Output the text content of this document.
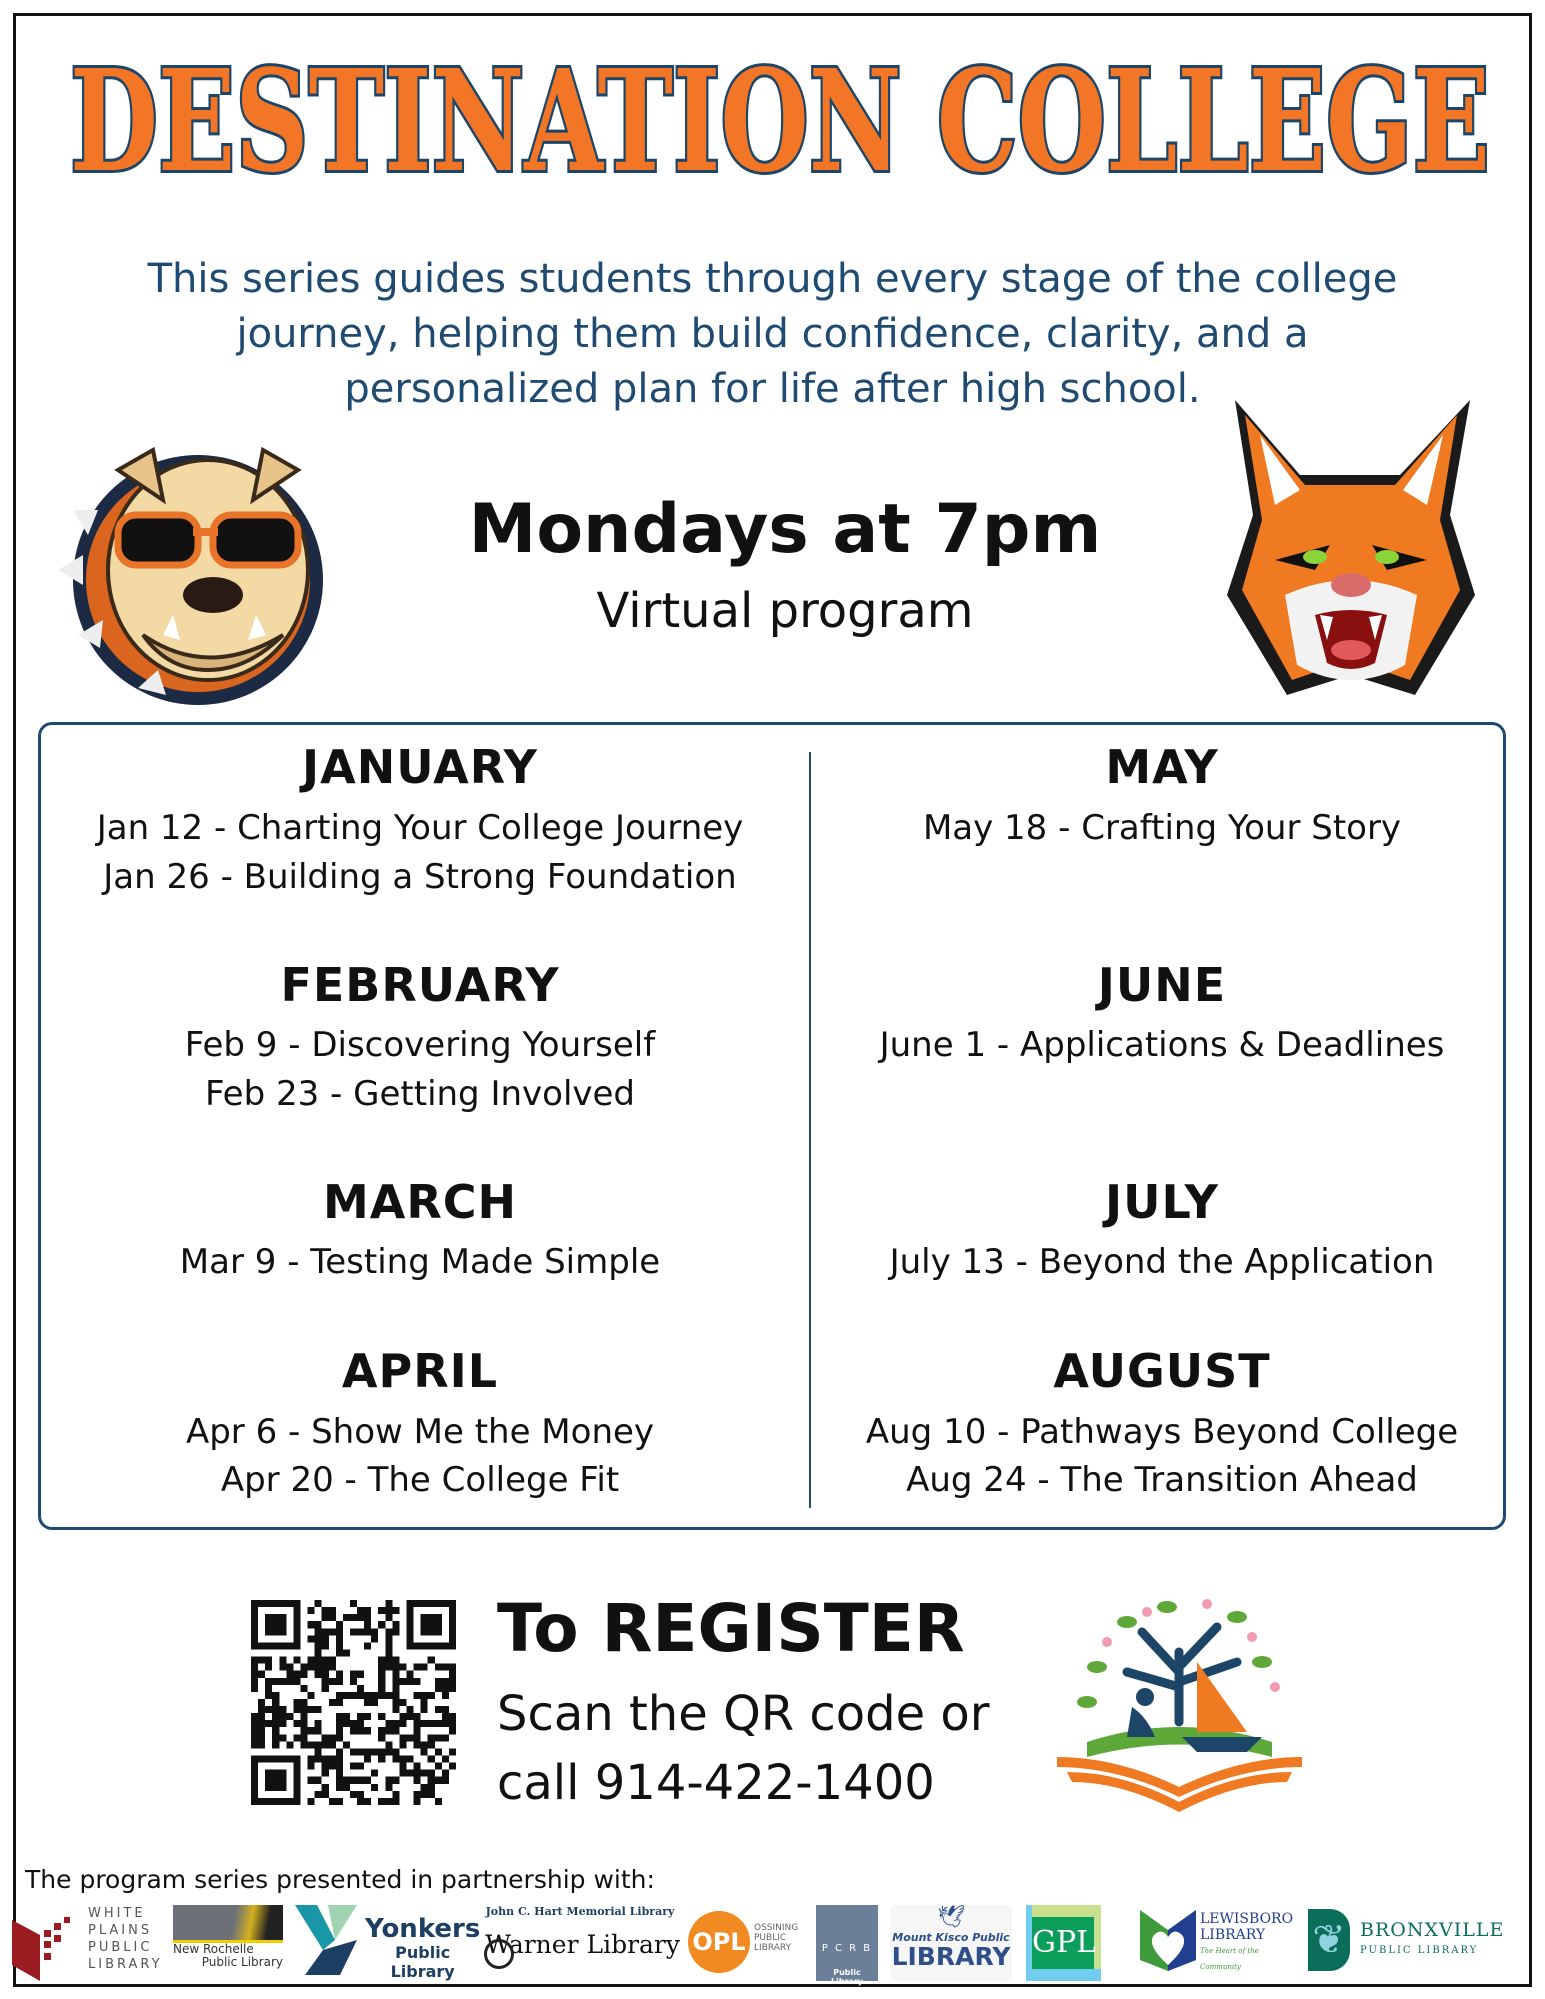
DESTINATION COLLEGE
This series guides students through every stage of the college
journey, helping them build confidence, clarity, and a
personalized plan for life after high school.
Mondays at 7pm
Virtual program
JANUARY
Jan 12 - Charting Your College Journey
Jan 26 - Building a Strong Foundation
FEBRUARY
Feb 9 - Discovering Yourself
Feb 23 - Getting Involved
MARCH
Mar 9 - Testing Made Simple
APRIL
Apr 6 - Show Me the Money
Apr 20 - The College Fit
MAY
May 18 - Crafting Your Story
JUNE
June 1 - Applications & Deadlines
JULY
July 13 - Beyond the Application
AUGUST
Aug 10 - Pathways Beyond College
Aug 24 - The Transition Ahead
To REGISTER
Scan the QR code or
call 914-422-1400
The program series presented in partnership with:
WHITE
PLAINS
PUBLIC
LIBRARY
New Rochelle
Public Library
Yonkers
Public Library
John C. Hart Memorial Library
Warner Library OPL OSSINING
PUBLIC
LIBRARY	P C R B
Public Library
🕊
Mount Kisco Public
LIBRARY GPL
LEWISBORO
LIBRARY
The Heart of the Community
❦ BRONXVILLE
PUBLIC LIBRARY
